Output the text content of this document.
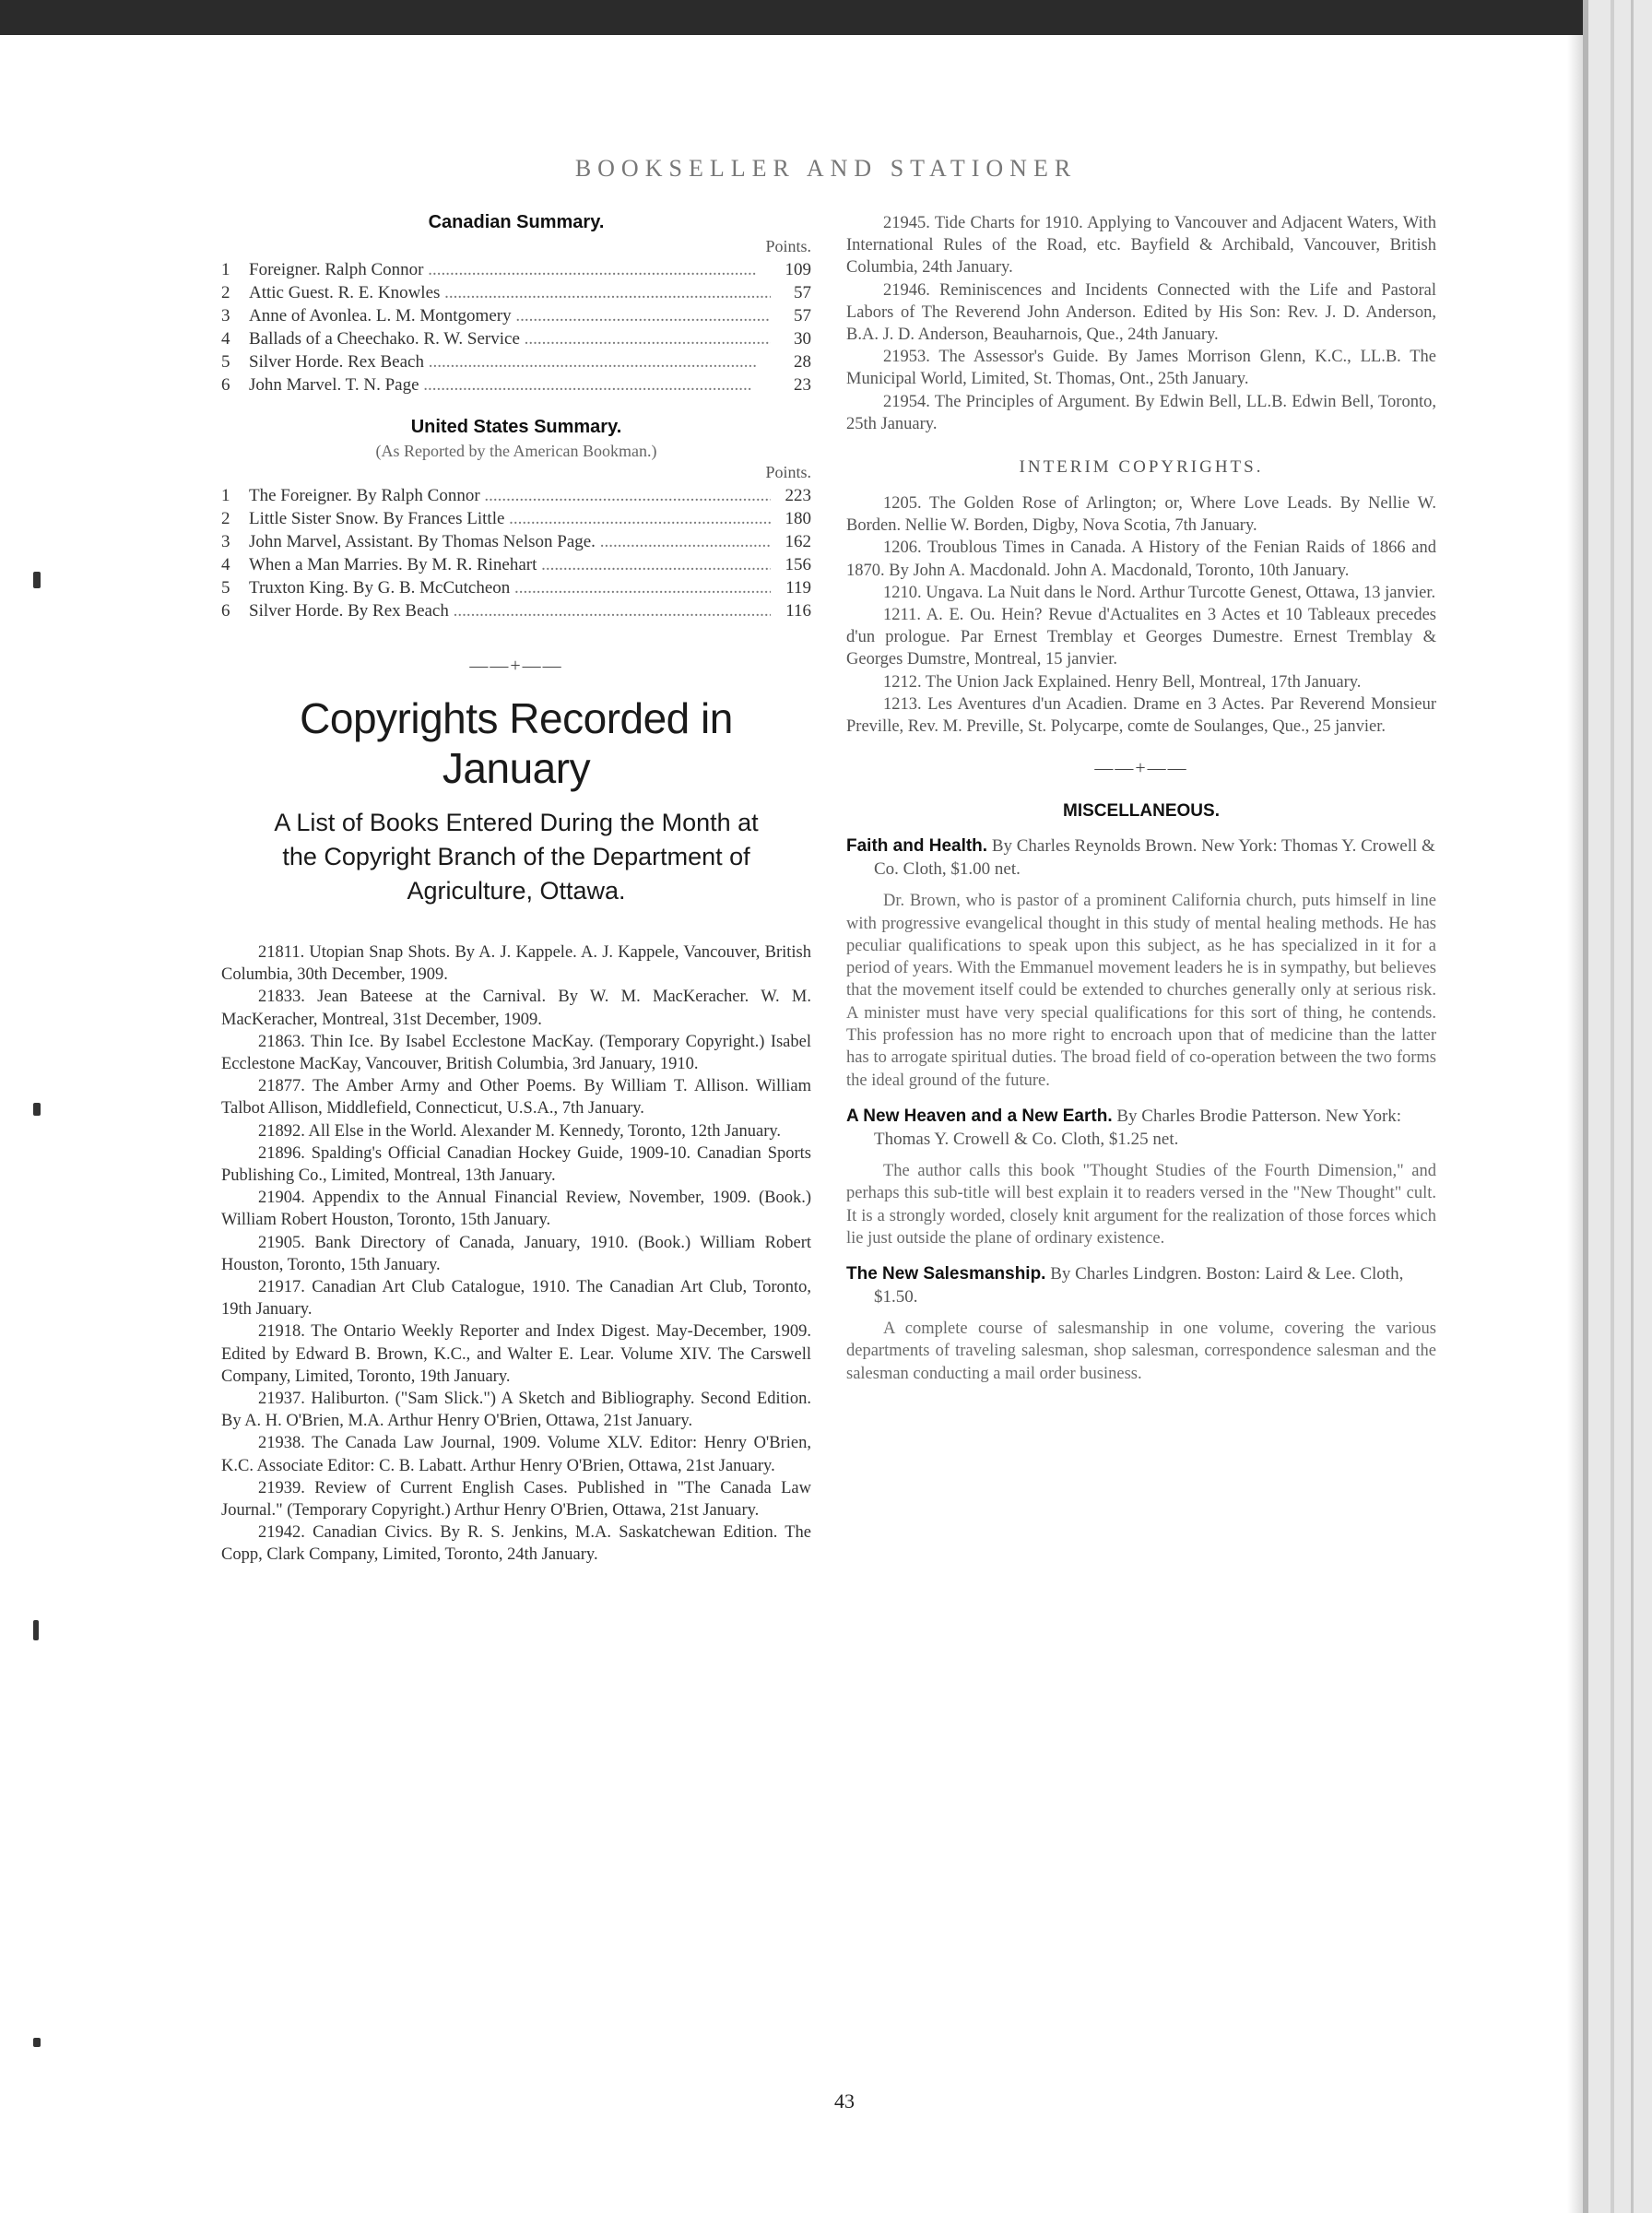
BOOKSELLER AND STATIONER
Canadian Summary.
Points.
1	Foreigner. Ralph Connor .....	109
2	Attic Guest. R. E. Knowles .....	57
3	Anne of Avonlea. L. M. Montgomery .....	57
4	Ballads of a Cheechako. R. W. Service .....	30
5	Silver Horde. Rex Beach .....	28
6	John Marvel. T. N. Page .....	23
United States Summary.
(As Reported by the American Bookman.)
Points.
1	The Foreigner. By Ralph Connor .....	223
2	Little Sister Snow. By Frances Little .....	180
3	John Marvel, Assistant. By Thomas Nelson Page. .....	162
4	When a Man Marries. By M. R. Rinehart .....	156
5	Truxton King. By G. B. McCutcheon .....	119
6	Silver Horde. By Rex Beach .....	116
——+——
Copyrights Recorded in January
A List of Books Entered During the Month at the Copyright Branch of the Department of Agriculture, Ottawa.

21811. Utopian Snap Shots. By A. J. Kappele. A. J. Kappele, Vancouver, British Columbia, 30th December, 1909.

21833. Jean Bateese at the Carnival. By W. M. MacKeracher. W. M. MacKeracher, Montreal, 31st December, 1909.

21863. Thin Ice. By Isabel Ecclestone MacKay. (Temporary Copyright.) Isabel Ecclestone MacKay, Vancouver, British Columbia, 3rd January, 1910.

21877. The Amber Army and Other Poems. By William T. Allison. William Talbot Allison, Middlefield, Connecticut, U.S.A., 7th January.

21892. All Else in the World. Alexander M. Kennedy, Toronto, 12th January.

21896. Spalding's Official Canadian Hockey Guide, 1909-10. Canadian Sports Publishing Co., Limited, Montreal, 13th January.

21904. Appendix to the Annual Financial Review, November, 1909. (Book.) William Robert Houston, Toronto, 15th January.

21905. Bank Directory of Canada, January, 1910. (Book.) William Robert Houston, Toronto, 15th January.

21917. Canadian Art Club Catalogue, 1910. The Canadian Art Club, Toronto, 19th January.

21918. The Ontario Weekly Reporter and Index Digest. May-December, 1909. Edited by Edward B. Brown, K.C., and Walter E. Lear. Volume XIV. The Carswell Company, Limited, Toronto, 19th January.

21937. Haliburton. ("Sam Slick.") A Sketch and Bibliography. Second Edition. By A. H. O'Brien, M.A. Arthur Henry O'Brien, Ottawa, 21st January.

21938. The Canada Law Journal, 1909. Volume XLV. Editor: Henry O'Brien, K.C. Associate Editor: C. B. Labatt. Arthur Henry O'Brien, Ottawa, 21st January.

21939. Review of Current English Cases. Published in "The Canada Law Journal." (Temporary Copyright.) Arthur Henry O'Brien, Ottawa, 21st January.

21942. Canadian Civics. By R. S. Jenkins, M.A. Saskatchewan Edition. The Copp, Clark Company, Limited, Toronto, 24th January.

21945. Tide Charts for 1910. Applying to Vancouver and Adjacent Waters, With International Rules of the Road, etc. Bayfield & Archibald, Vancouver, British Columbia, 24th January.

21946. Reminiscences and Incidents Connected with the Life and Pastoral Labors of The Reverend John Anderson. Edited by His Son: Rev. J. D. Anderson, B.A. J. D. Anderson, Beauharnois, Que., 24th January.

21953. The Assessor's Guide. By James Morrison Glenn, K.C., LL.B. The Municipal World, Limited, St. Thomas, Ont., 25th January.

21954. The Principles of Argument. By Edwin Bell, LL.B. Edwin Bell, Toronto, 25th January.

INTERIM COPYRIGHTS.

1205. The Golden Rose of Arlington; or, Where Love Leads. By Nellie W. Borden. Nellie W. Borden, Digby, Nova Scotia, 7th January.

1206. Troublous Times in Canada. A History of the Fenian Raids of 1866 and 1870. By John A. Macdonald. John A. Macdonald, Toronto, 10th January.

1210. Ungava. La Nuit dans le Nord. Arthur Turcotte Genest, Ottawa, 13 janvier.

1211. A. E. Ou. Hein? Revue d'Actualites en 3 Actes et 10 Tableaux precedes d'un prologue. Par Ernest Tremblay et Georges Dumestre. Ernest Tremblay & Georges Dumstre, Montreal, 15 janvier.

1212. The Union Jack Explained. Henry Bell, Montreal, 17th January.

1213. Les Aventures d'un Acadien. Drame en 3 Actes. Par Reverend Monsieur Preville, Rev. M. Preville, St. Polycarpe, comte de Soulanges, Que., 25 janvier.

——+——
MISCELLANEOUS.
Faith and Health. By Charles Reynolds Brown. New York: Thomas Y. Crowell & Co. Cloth, $1.00 net.

Dr. Brown, who is pastor of a prominent California church, puts himself in line with progressive evangelical thought in this study of mental healing methods. He has peculiar qualifications to speak upon this subject, as he has specialized in it for a period of years. With the Emmanuel movement leaders he is in sympathy, but believes that the movement itself could be extended to churches generally only at serious risk. A minister must have very special qualifications for this sort of thing, he contends. This profession has no more right to encroach upon that of medicine than the latter has to arrogate spiritual duties. The broad field of co-operation between the two forms the ideal ground of the future.

A New Heaven and a New Earth. By Charles Brodie Patterson. New York: Thomas Y. Crowell & Co. Cloth, $1.25 net.

The author calls this book "Thought Studies of the Fourth Dimension," and perhaps this sub-title will best explain it to readers versed in the "New Thought" cult. It is a strongly worded, closely knit argument for the realization of those forces which lie just outside the plane of ordinary existence.

The New Salesmanship. By Charles Lindgren. Boston: Laird & Lee. Cloth, $1.50.

A complete course of salesmanship in one volume, covering the various departments of traveling salesman, shop salesman, correspondence salesman and the salesman conducting a mail order business.

43
